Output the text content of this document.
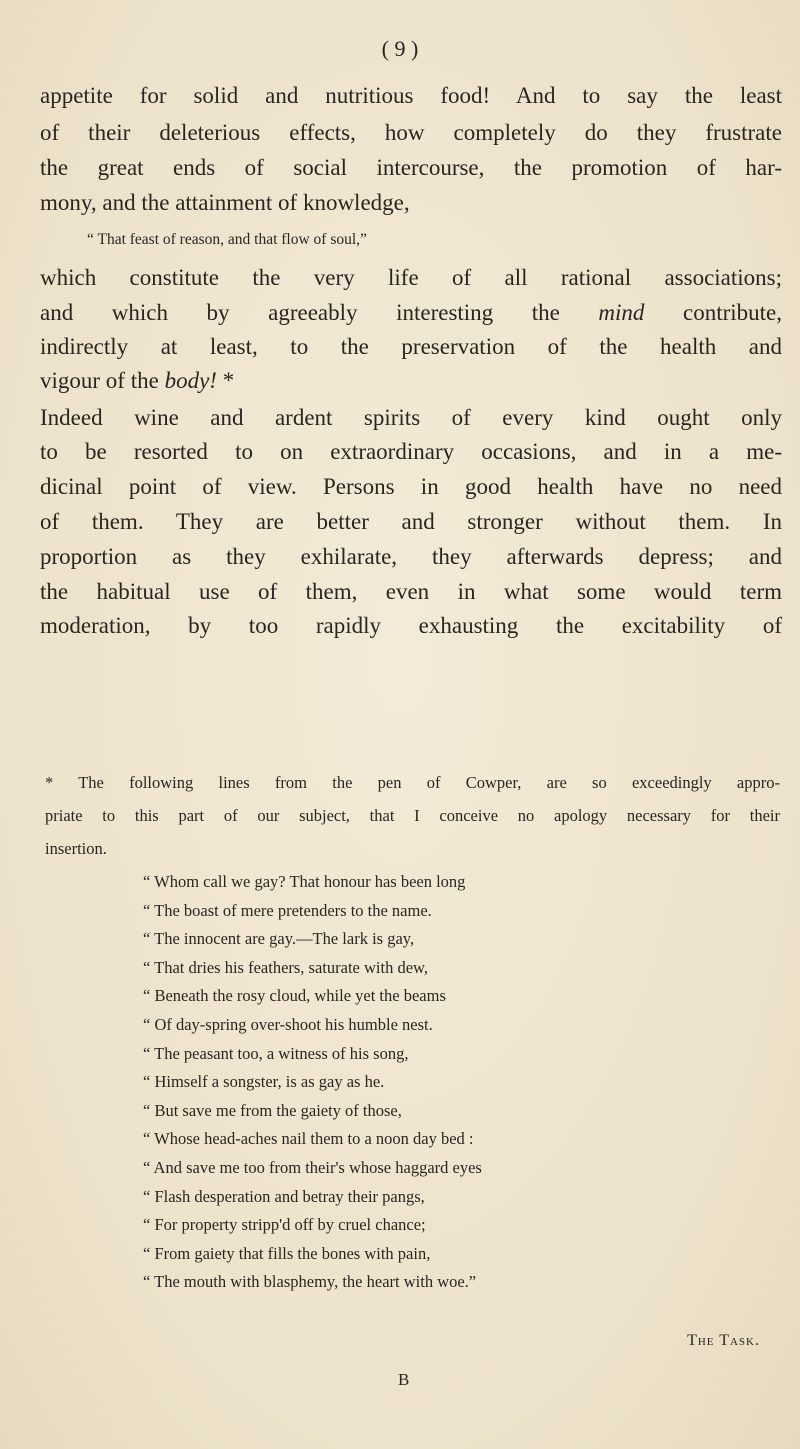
( 9 )
appetite for solid and nutritious food! And to say the least
of their deleterious effects, how completely do they frustrate
the great ends of social intercourse, the promotion of har-
mony, and the attainment of knowledge,
“ That feast of reason, and that flow of soul,”
which constitute the very life of all rational associations;
and which by agreeably interesting the mind contribute,
indirectly at least, to the preservation of the health and
vigour of the body! *
Indeed wine and ardent spirits of every kind ought only
to be resorted to on extraordinary occasions, and in a me-
dicinal point of view. Persons in good health have no need
of them. They are better and stronger without them. In
proportion as they exhilarate, they afterwards depress; and
the habitual use of them, even in what some would term
moderation, by too rapidly exhausting the excitability of
* The following lines from the pen of Cowper, are so exceedingly appro-
priate to this part of our subject, that I conceive no apology necessary for their
insertion.
“ Whom call we gay? That honour has been long
“ The boast of mere pretenders to the name.
“ The innocent are gay.—The lark is gay,
“ That dries his feathers, saturate with dew,
“ Beneath the rosy cloud, while yet the beams
“ Of day-spring over-shoot his humble nest.
“ The peasant too, a witness of his song,
“ Himself a songster, is as gay as he.
“ But save me from the gaiety of those,
“ Whose head-aches nail them to a noon day bed :
“ And save me too from their's whose haggard eyes
“ Flash desperation and betray their pangs,
“ For property stripp'd off by cruel chance;
“ From gaiety that fills the bones with pain,
“ The mouth with blasphemy, the heart with woe.”
The Task.
B
